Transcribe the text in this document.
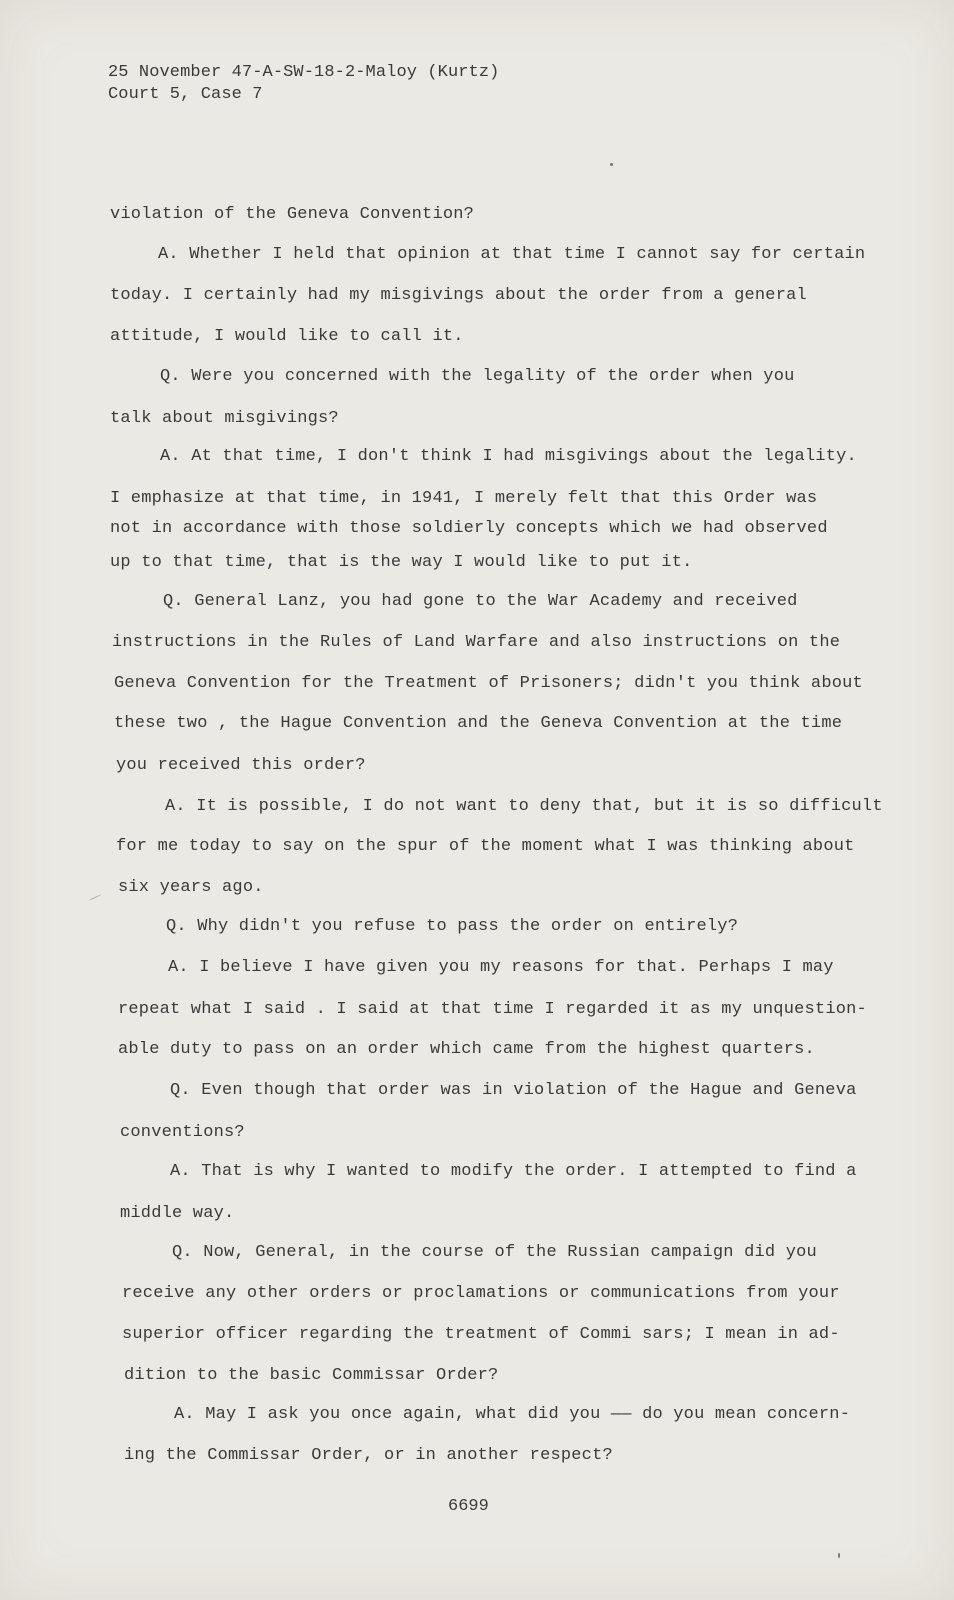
25 November 47-A-SW-18-2-Maloy (Kurtz)
Court 5, Case 7
violation of the Geneva Convention?
A. Whether I held that opinion at that time I cannot say for certain
today. I certainly had my misgivings about the order from a general
attitude, I would like to call it.
Q. Were you concerned with the legality of the order when you
talk about misgivings?
A. At that time, I don't think I had misgivings about the legality.
I emphasize at that time, in 1941, I merely felt that this Order was
not in accordance with those soldierly concepts which we had observed
up to that time, that is the way I would like to put it.
Q. General Lanz, you had gone to the War Academy and received
instructions in the Rules of Land Warfare and also instructions on the
Geneva Convention for the Treatment of Prisoners; didn't you think about
these two , the Hague Convention and the Geneva Convention at the time
you received this order?
A. It is possible, I do not want to deny that, but it is so difficult
for me today to say on the spur of the moment what I was thinking about
six years ago.
Q. Why didn't you refuse to pass the order on entirely?
A. I believe I have given you my reasons for that. Perhaps I may
repeat what I said . I said at that time I regarded it as my unquestion-
able duty to pass on an order which came from the highest quarters.
Q. Even though that order was in violation of the Hague and Geneva
conventions?
A. That is why I wanted to modify the order. I attempted to find a
middle way.
Q. Now, General, in the course of the Russian campaign did you
receive any other orders or proclamations or communications from your
superior officer regarding the treatment of Commi sars; I mean in ad-
dition to the basic Commissar Order?
A. May I ask you once again, what did you —— do you mean concern-
ing the Commissar Order, or in another respect?
6699
